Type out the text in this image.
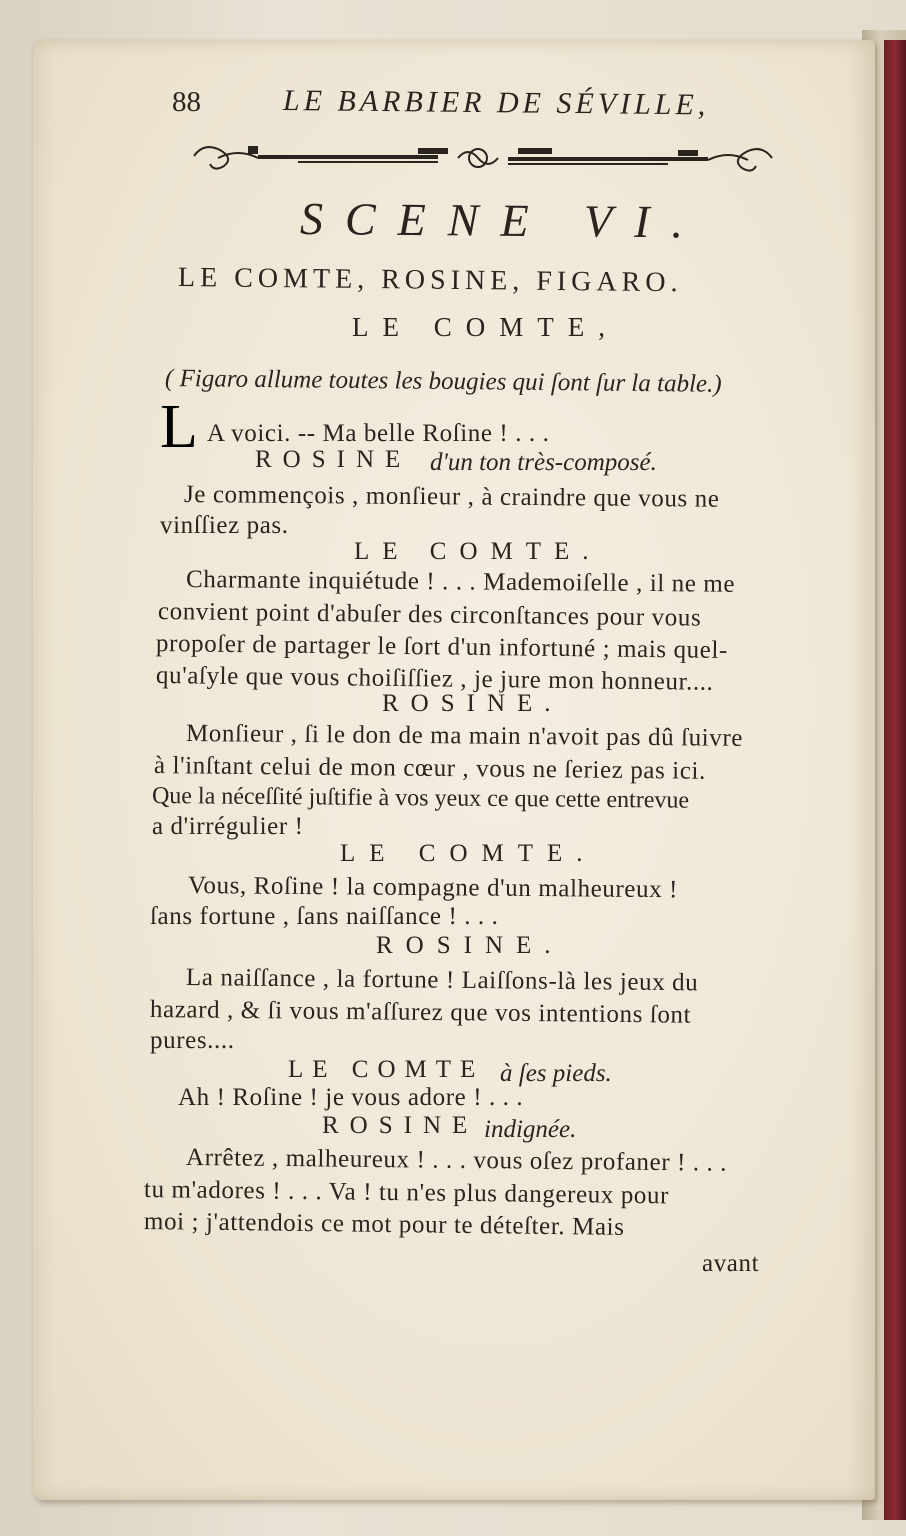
88	LE BARBIER DE SÉVILLE,
SCENE VI.
LE COMTE, ROSINE, FIGARO.
LE COMTE,
( Figaro allume toutes les bougies qui ſont ſur la table.)
L A voici. -- Ma belle Roſine ! . . .
ROSINE d'un ton très-composé.
Je commençois , monſieur , à craindre que vous ne
vinſſiez pas.
LE COMTE.
Charmante inquiétude ! . . . Mademoiſelle , il ne me
convient point d'abuſer des circonſtances pour vous
propoſer de partager le ſort d'un infortuné ; mais quel-
qu'aſyle que vous choiſiſſiez , je jure mon honneur....
ROSINE.
Monſieur , ſi le don de ma main n'avoit pas dû ſuivre
à l'inſtant celui de mon cœur , vous ne ſeriez pas ici.
Que la néceſſité juſtifie à vos yeux ce que cette entrevue
a d'irrégulier !
LE COMTE.
Vous, Roſine ! la compagne d'un malheureux !
ſans fortune , ſans naiſſance ! . . .
ROSINE.
La naiſſance , la fortune ! Laiſſons-là les jeux du
hazard , & ſi vous m'aſſurez que vos intentions ſont
pures....
LE COMTE à ſes pieds.
Ah ! Roſine ! je vous adore ! . . .
ROSINE indignée.
Arrêtez , malheureux ! . . . vous oſez profaner ! . . .
tu m'adores ! . . . Va ! tu n'es plus dangereux pour
moi ; j'attendois ce mot pour te déteſter. Mais
avant
